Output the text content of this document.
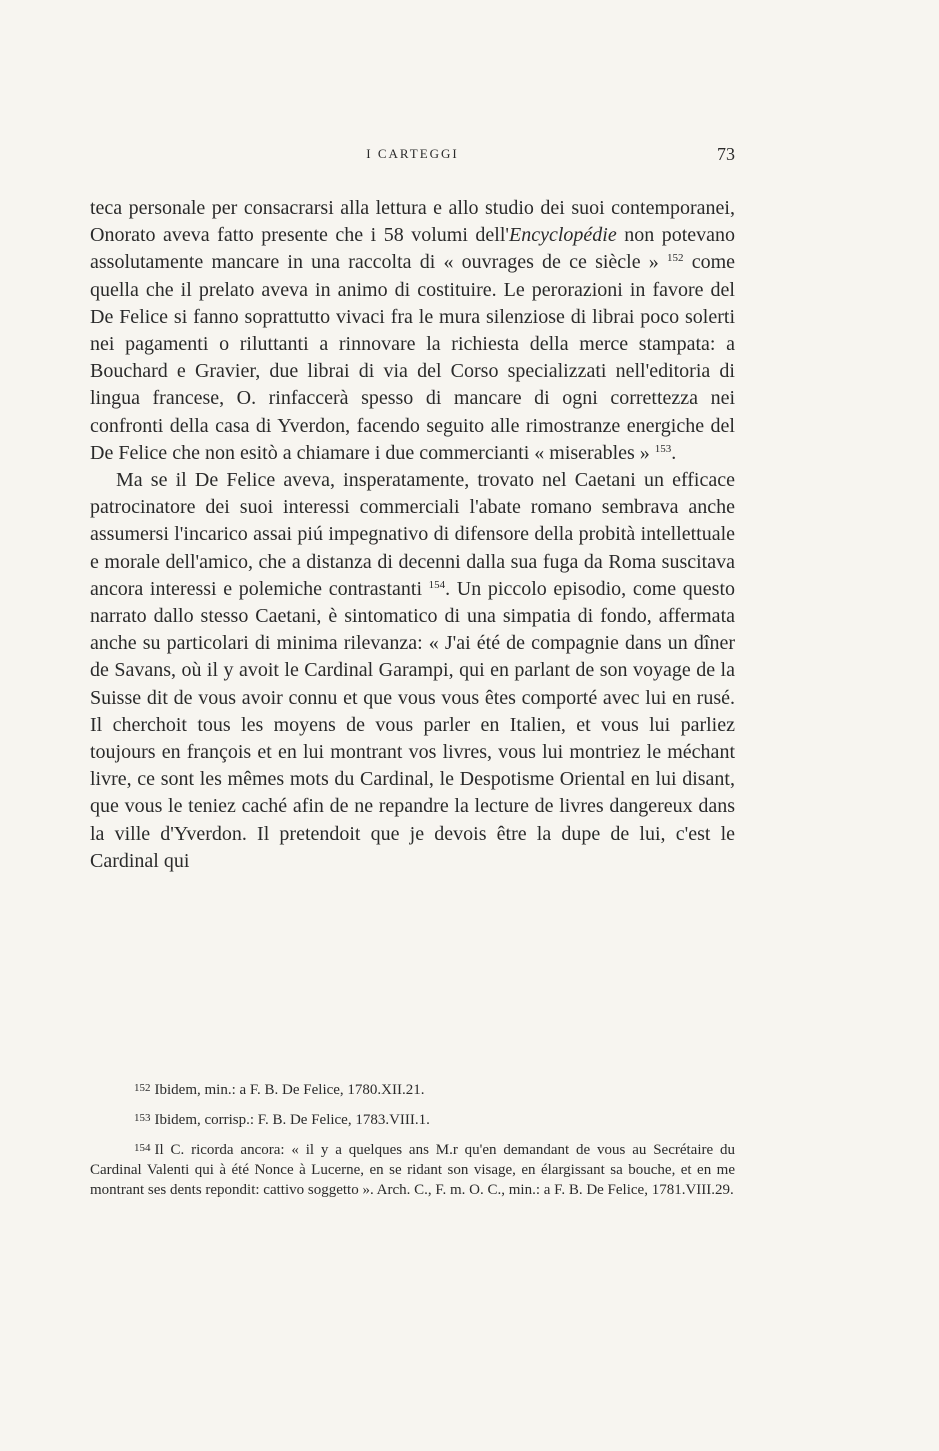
I CARTEGGI	73

teca personale per consacrarsi alla lettura e allo studio dei suoi contemporanei, Onorato aveva fatto presente che i 58 volumi dell'Encyclopédie non potevano assolutamente mancare in una raccolta di « ouvrages de ce siècle » $^{152}$ come quella che il prelato aveva in animo di costituire. Le perorazioni in favore del De Felice si fanno soprattutto vivaci fra le mura silenziose di librai poco solerti nei pagamenti o riluttanti a rinnovare la richiesta della merce stampata: a Bouchard e Gravier, due librai di via del Corso specializzati nell'editoria di lingua francese, O. rinfaccerà spesso di mancare di ogni correttezza nei confronti della casa di Yverdon, facendo seguito alle rimostranze energiche del De Felice che non esitò a chiamare i due commercianti « miserables » $^{153}$.

Ma se il De Felice aveva, insperatamente, trovato nel Caetani un efficace patrocinatore dei suoi interessi commerciali l'abate romano sembrava anche assumersi l'incarico assai piú impegnativo di difensore della probità intellettuale e morale dell'amico, che a distanza di decenni dalla sua fuga da Roma suscitava ancora interessi e polemiche contrastanti $^{154}$. Un piccolo episodio, come questo narrato dallo stesso Caetani, è sintomatico di una simpatia di fondo, affermata anche su particolari di minima rilevanza: « J'ai été de compagnie dans un dîner de Savans, où il y avoit le Cardinal Garampi, qui en parlant de son voyage de la Suisse dit de vous avoir connu et que vous vous êtes comporté avec lui en rusé. Il cherchoit tous les moyens de vous parler en Italien, et vous lui parliez toujours en françois et en lui montrant vos livres, vous lui montriez le méchant livre, ce sont les mêmes mots du Cardinal, le Despotisme Oriental en lui disant, que vous le teniez caché afin de ne repandre la lecture de livres dangereux dans la ville d'Yverdon. Il pretendoit que je devois être la dupe de lui, c'est le Cardinal qui

$^{152}$ Ibidem, min.: a F. B. De Felice, 1780.XII.21.

$^{153}$ Ibidem, corrisp.: F. B. De Felice, 1783.VIII.1.

$^{154}$ Il C. ricorda ancora: « il y a quelques ans M.r qu'en demandant de vous au Secrétaire du Cardinal Valenti qui à été Nonce à Lucerne, en se ridant son visage, en élargissant sa bouche, et en me montrant ses dents repondit: cattivo soggetto ». Arch. C., F. m. O. C., min.: a F. B. De Felice, 1781.VIII.29.
